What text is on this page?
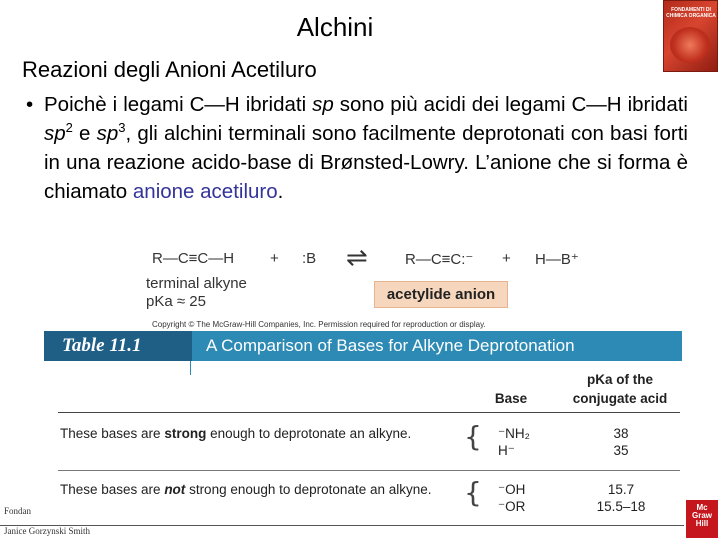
Alchini
Reazioni degli Anioni Acetiluro
FONDAMENTI DI CHIMICA ORGANICA
• Poichè i legami C—H ibridati sp sono più acidi dei legami C—H ibridati $sp^2$ e $sp^3$, gli alchini terminali sono facilmente deprotonati con basi forti in una reazione acido-base di Brønsted-Lowry. L’anione che si forma è chiamato anione acetiluro.
R—C≡C—H + :B ⇌ R—C≡C:⁻ + H—B⁺
terminal alkyne
pKa ≈ 25	acetylide anion
Copyright © The McGraw-Hill Companies, Inc. Permission required for reproduction or display.
Table 11.1	A Comparison of Bases for Alkyne Deprotonation
Base
pKa of the
conjugate acid
These bases are strong enough to deprotonate an alkyne. { ⁻NH₂
H⁻
38
35
These bases are not strong enough to deprotonate an alkyne. { ⁻OH
⁻OR
15.7
15.5–18
Fondan
Janice Gorzynski Smith
Mc
Graw
Hill
